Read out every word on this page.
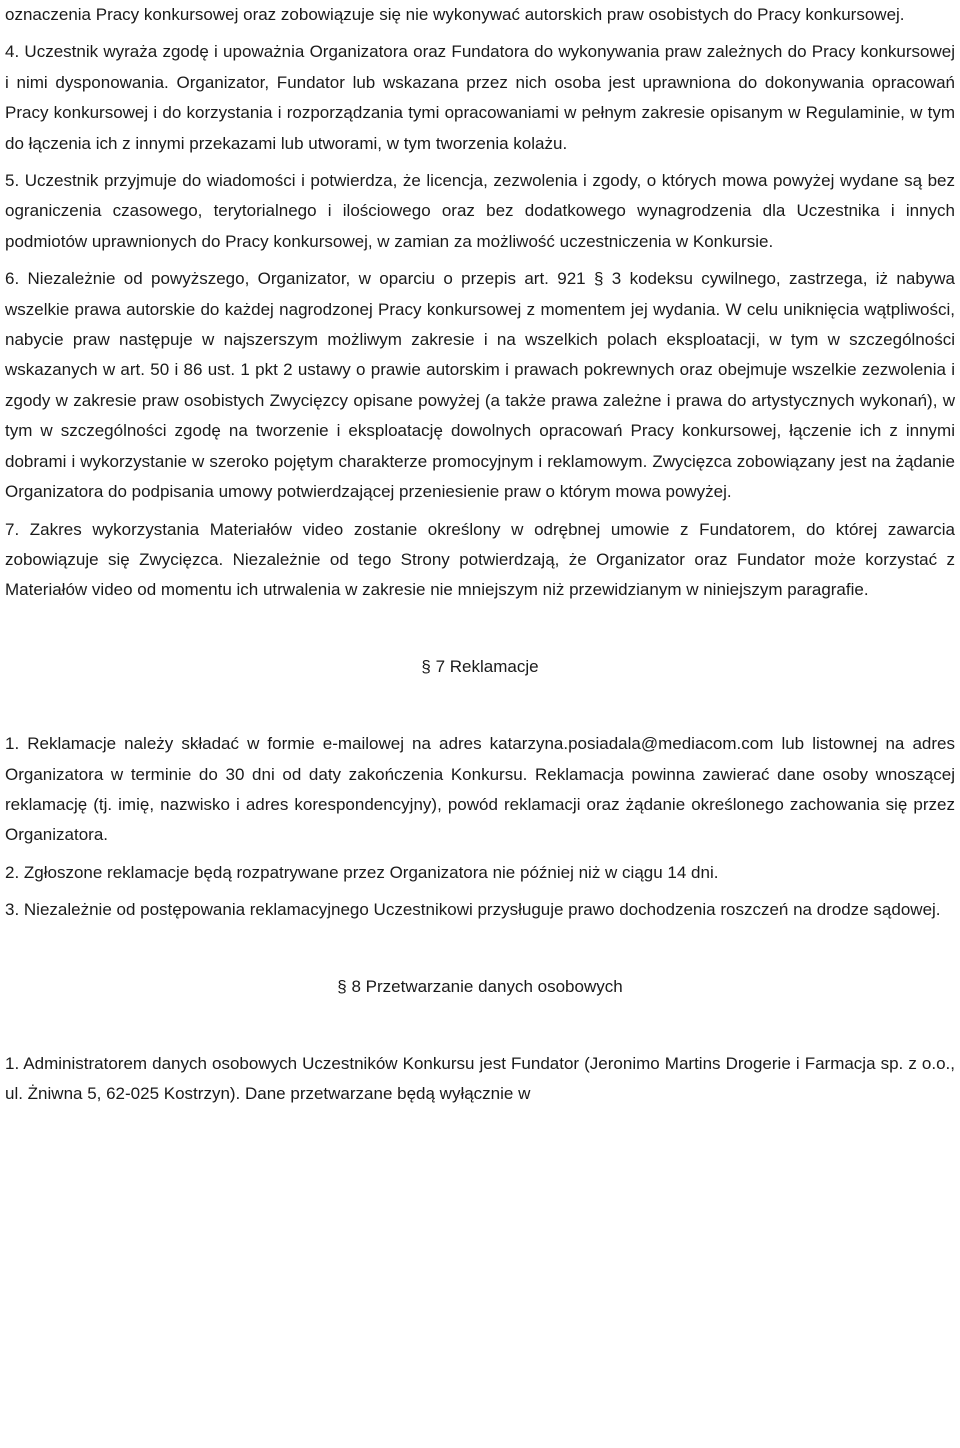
oznaczenia Pracy konkursowej oraz zobowiązuje się nie wykonywać autorskich praw osobistych do Pracy konkursowej.

4. Uczestnik wyraża zgodę i upoważnia Organizatora oraz Fundatora do wykonywania praw zależnych do Pracy konkursowej i nimi dysponowania. Organizator, Fundator lub wskazana przez nich osoba jest uprawniona do dokonywania opracowań Pracy konkursowej i do korzystania i rozporządzania tymi opracowaniami w pełnym zakresie opisanym w Regulaminie, w tym do łączenia ich z innymi przekazami lub utworami, w tym tworzenia kolażu.

5. Uczestnik przyjmuje do wiadomości i potwierdza, że licencja, zezwolenia i zgody, o których mowa powyżej wydane są bez ograniczenia czasowego, terytorialnego i ilościowego oraz bez dodatkowego wynagrodzenia dla Uczestnika i innych podmiotów uprawnionych do Pracy konkursowej, w zamian za możliwość uczestniczenia w Konkursie.

6. Niezależnie od powyższego, Organizator, w oparciu o przepis art. 921 § 3 kodeksu cywilnego, zastrzega, iż nabywa wszelkie prawa autorskie do każdej nagrodzonej Pracy konkursowej z momentem jej wydania. W celu uniknięcia wątpliwości, nabycie praw następuje w najszerszym możliwym zakresie i na wszelkich polach eksploatacji, w tym w szczególności wskazanych w art. 50 i 86 ust. 1 pkt 2 ustawy o prawie autorskim i prawach pokrewnych oraz obejmuje wszelkie zezwolenia i zgody w zakresie praw osobistych Zwycięzcy opisane powyżej (a także prawa zależne i prawa do artystycznych wykonań), w tym w szczególności zgodę na tworzenie i eksploatację dowolnych opracowań Pracy konkursowej, łączenie ich z innymi dobrami i wykorzystanie w szeroko pojętym charakterze promocyjnym i reklamowym. Zwycięzca zobowiązany jest na żądanie Organizatora do podpisania umowy potwierdzającej przeniesienie praw o którym mowa powyżej.

7. Zakres wykorzystania Materiałów video zostanie określony w odrębnej umowie z Fundatorem, do której zawarcia zobowiązuje się Zwycięzca. Niezależnie od tego Strony potwierdzają, że Organizator oraz Fundator może korzystać z Materiałów video od momentu ich utrwalenia w zakresie nie mniejszym niż przewidzianym w niniejszym paragrafie.

§ 7 Reklamacje

1. Reklamacje należy składać w formie e-mailowej na adres katarzyna.posiadala@mediacom.com lub listownej na adres Organizatora w terminie do 30 dni od daty zakończenia Konkursu. Reklamacja powinna zawierać dane osoby wnoszącej reklamację (tj. imię, nazwisko i adres korespondencyjny), powód reklamacji oraz żądanie określonego zachowania się przez Organizatora.

2. Zgłoszone reklamacje będą rozpatrywane przez Organizatora nie później niż w ciągu 14 dni.

3. Niezależnie od postępowania reklamacyjnego Uczestnikowi przysługuje prawo dochodzenia roszczeń na drodze sądowej.

§ 8 Przetwarzanie danych osobowych

1. Administratorem danych osobowych Uczestników Konkursu jest Fundator (Jeronimo Martins Drogerie i Farmacja sp. z o.o., ul. Żniwna 5, 62-025 Kostrzyn). Dane przetwarzane będą wyłącznie w
